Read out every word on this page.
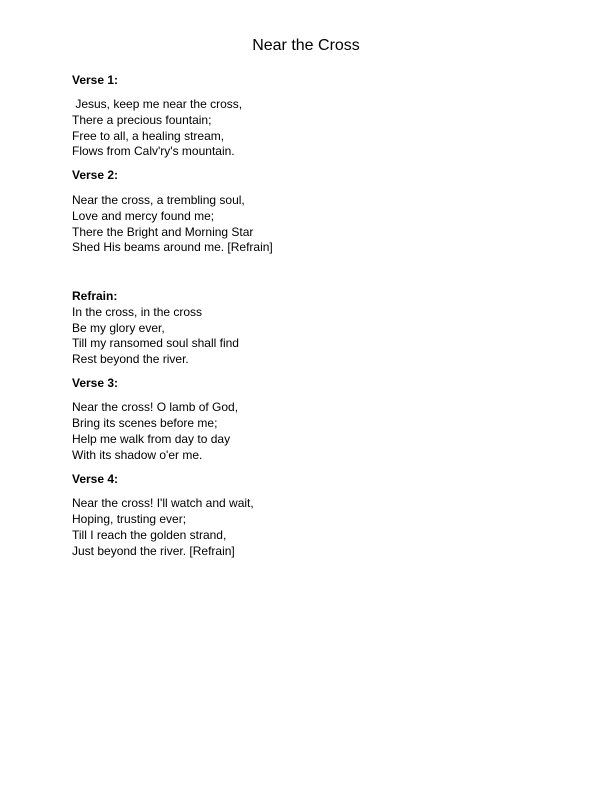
Near the Cross
Verse 1:
Jesus, keep me near the cross,
There a precious fountain;
Free to all, a healing stream,
Flows from Calv'ry's mountain.
Verse 2:
Near the cross, a trembling soul,
Love and mercy found me;
There the Bright and Morning Star
Shed His beams around me. [Refrain]
Refrain:
In the cross, in the cross
Be my glory ever,
Till my ransomed soul shall find
Rest beyond the river.
Verse 3:
Near the cross! O lamb of God,
Bring its scenes before me;
Help me walk from day to day
With its shadow o'er me.
Verse 4:
Near the cross! I'll watch and wait,
Hoping, trusting ever;
Till I reach the golden strand,
Just beyond the river. [Refrain]
